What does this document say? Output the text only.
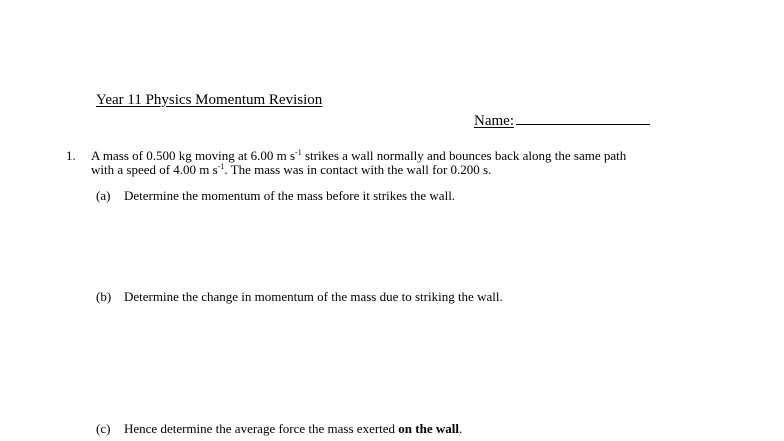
Year 11 Physics Momentum Revision
Name:
1. A mass of 0.500 kg moving at 6.00 m $s^{-1}$ strikes a wall normally and bounces back along the same path
with a speed of 4.00 m $s^{-1}$. The mass was in contact with the wall for 0.200 s.
(a) Determine the momentum of the mass before it strikes the wall.
(b) Determine the change in momentum of the mass due to striking the wall.
(c) Hence determine the average force the mass exerted on the wall.
